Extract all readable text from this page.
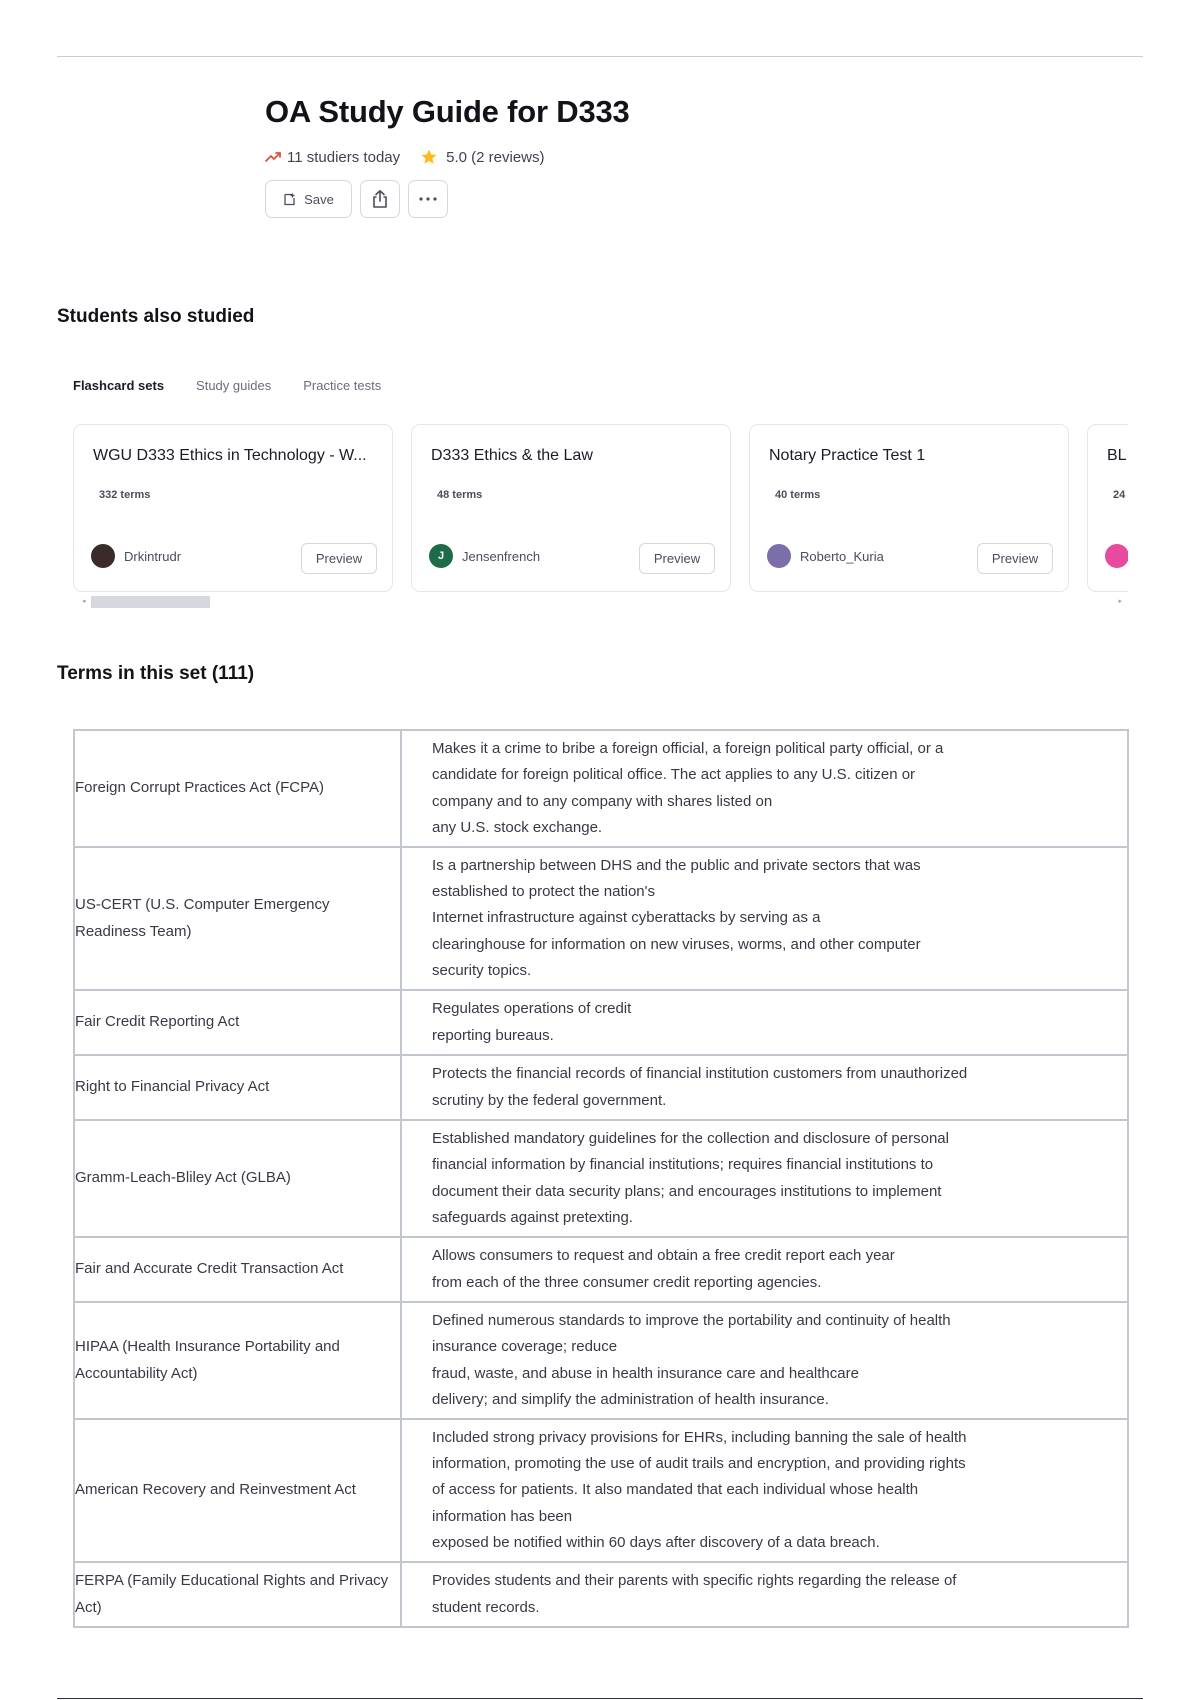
OA Study Guide for D333
11 studiers today	5.0 (2 reviews)
Save
Students also studied
Flashcard sets Study guides Practice tests
WGU D333 Ethics in Technology - W...
332 terms
Drkintrudr	Preview
D333 Ethics & the Law
48 terms
J	Jensenfrench	Preview
Notary Practice Test 1
40 terms
Roberto_Kuria	Preview
BL
24
◂	▸
Terms in this set (111)
Foreign Corrupt Practices Act (FCPA)	Makes it a crime to bribe a foreign official, a foreign political party official, or a
candidate for foreign political office. The act applies to any U.S. citizen or
company and to any company with shares listed on
any U.S. stock exchange.

US-CERT (U.S. Computer Emergency Readiness Team)	Is a partnership between DHS and the public and private sectors that was
established to protect the nation's
Internet infrastructure against cyberattacks by serving as a
clearinghouse for information on new viruses, worms, and other computer
security topics.

Fair Credit Reporting Act	Regulates operations of credit
reporting bureaus.

Right to Financial Privacy Act	Protects the financial records of financial institution customers from unauthorized
scrutiny by the federal government.

Gramm-Leach-Bliley Act (GLBA)	Established mandatory guidelines for the collection and disclosure of personal
financial information by financial institutions; requires financial institutions to
document their data security plans; and encourages institutions to implement
safeguards against pretexting.

Fair and Accurate Credit Transaction Act	Allows consumers to request and obtain a free credit report each year
from each of the three consumer credit reporting agencies.

HIPAA (Health Insurance Portability and Accountability Act)	Defined numerous standards to improve the portability and continuity of health
insurance coverage; reduce
fraud, waste, and abuse in health insurance care and healthcare
delivery; and simplify the administration of health insurance.

American Recovery and Reinvestment Act	Included strong privacy provisions for EHRs, including banning the sale of health
information, promoting the use of audit trails and encryption, and providing rights
of access for patients. It also mandated that each individual whose health
information has been
exposed be notified within 60 days after discovery of a data breach.

FERPA (Family Educational Rights and Privacy Act)	Provides students and their parents with specific rights regarding the release of
student records.
